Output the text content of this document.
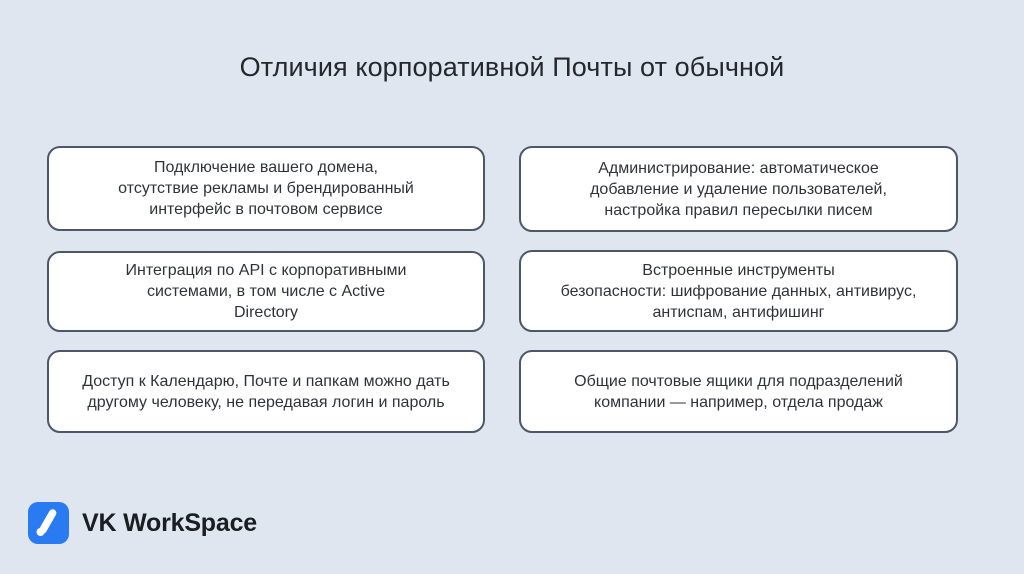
Отличия корпоративной Почты от обычной
Подключение вашего домена,
отсутствие рекламы и брендированный
интерфейс в почтовом сервисе
Администрирование: автоматическое
добавление и удаление пользователей,
настройка правил пересылки писем
Интеграция по API с корпоративными
системами, в том числе с Active
Directory
Встроенные инструменты
безопасности: шифрование данных, антивирус,
антиспам, антифишинг
Доступ к Календарю, Почте и папкам можно дать
другому человеку, не передавая логин и пароль
Общие почтовые ящики для подразделений
компании — например, отдела продаж
VK WorkSpace
